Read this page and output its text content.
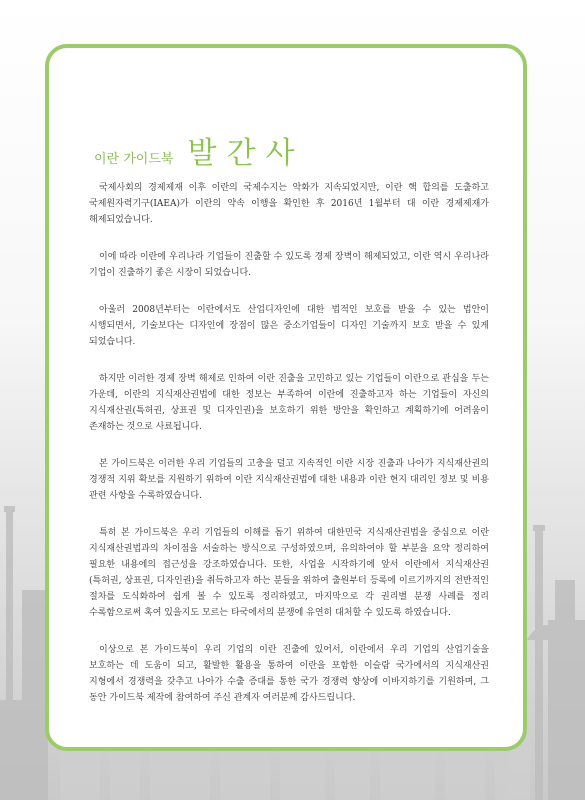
이란 가이드북 발간사

국제사회의 경제제재 이후 이란의 국제수지는 악화가 지속되었지만, 이란 핵 합의를 도출하고 국제원자력기구(IAEA)가 이란의 약속 이행을 확인한 후 2016년 1월부터 대 이란 경제제재가 해제되었습니다.

이에 따라 이란에 우리나라 기업들이 진출할 수 있도록 경제 장벽이 해제되었고, 이란 역시 우리나라 기업이 진출하기 좋은 시장이 되었습니다.

아울러 2008년부터는 이란에서도 산업디자인에 대한 법적인 보호를 받을 수 있는 법안이 시행되면서, 기술보다는 디자인에 장점이 많은 중소기업들이 디자인 기술까지 보호 받을 수 있게 되었습니다.

하지만 이러한 경제 장벽 해제로 인하여 이란 진출을 고민하고 있는 기업들이 이란으로 관심을 두는 가운데, 이란의 지식재산권법에 대한 정보는 부족하여 이란에 진출하고자 하는 기업들이 자신의 지식재산권(특허권, 상표권 및 디자인권)을 보호하기 위한 방안을 확인하고 계획하기에 어려움이 존재하는 것으로 사료됩니다.

본 가이드북은 이러한 우리 기업들의 고충을 덜고 지속적인 이란 시장 진출과 나아가 지식재산권의 경쟁적 지위 확보를 지원하기 위하여 이란 지식재산권법에 대한 내용과 이란 현지 대리인 정보 및 비용 관련 사항을 수록하였습니다.

특히 본 가이드북은 우리 기업들의 이해를 돕기 위하여 대한민국 지식재산권법을 중심으로 이란 지식재산권법과의 차이점을 서술하는 방식으로 구성하였으며, 유의하여야 할 부분을 요약 정리하여 필요한 내용에의 접근성을 강조하였습니다. 또한, 사업을 시작하기에 앞서 이란에서 지식재산권(특허권, 상표권, 디자인권)을 취득하고자 하는 분들을 위하여 출원부터 등록에 이르기까지의 전반적인 절차를 도식화하여 쉽게 볼 수 있도록 정리하였고, 마지막으로 각 권리별 분쟁 사례를 정리 수록함으로써 혹여 있을지도 모르는 타국에서의 분쟁에 유연히 대처할 수 있도록 하였습니다.

이상으로 본 가이드북이 우리 기업의 이란 진출에 있어서, 이란에서 우리 기업의 산업기술을 보호하는 데 도움이 되고, 활발한 활용을 통하여 이란을 포함한 이슬람 국가에서의 지식재산권 지형에서 경쟁력을 갖추고 나아가 수출 증대를 통한 국가 경쟁력 향상에 이바지하기를 기원하며, 그 동안 가이드북 제작에 참여하여 주신 관계자 여러분께 감사드립니다.
